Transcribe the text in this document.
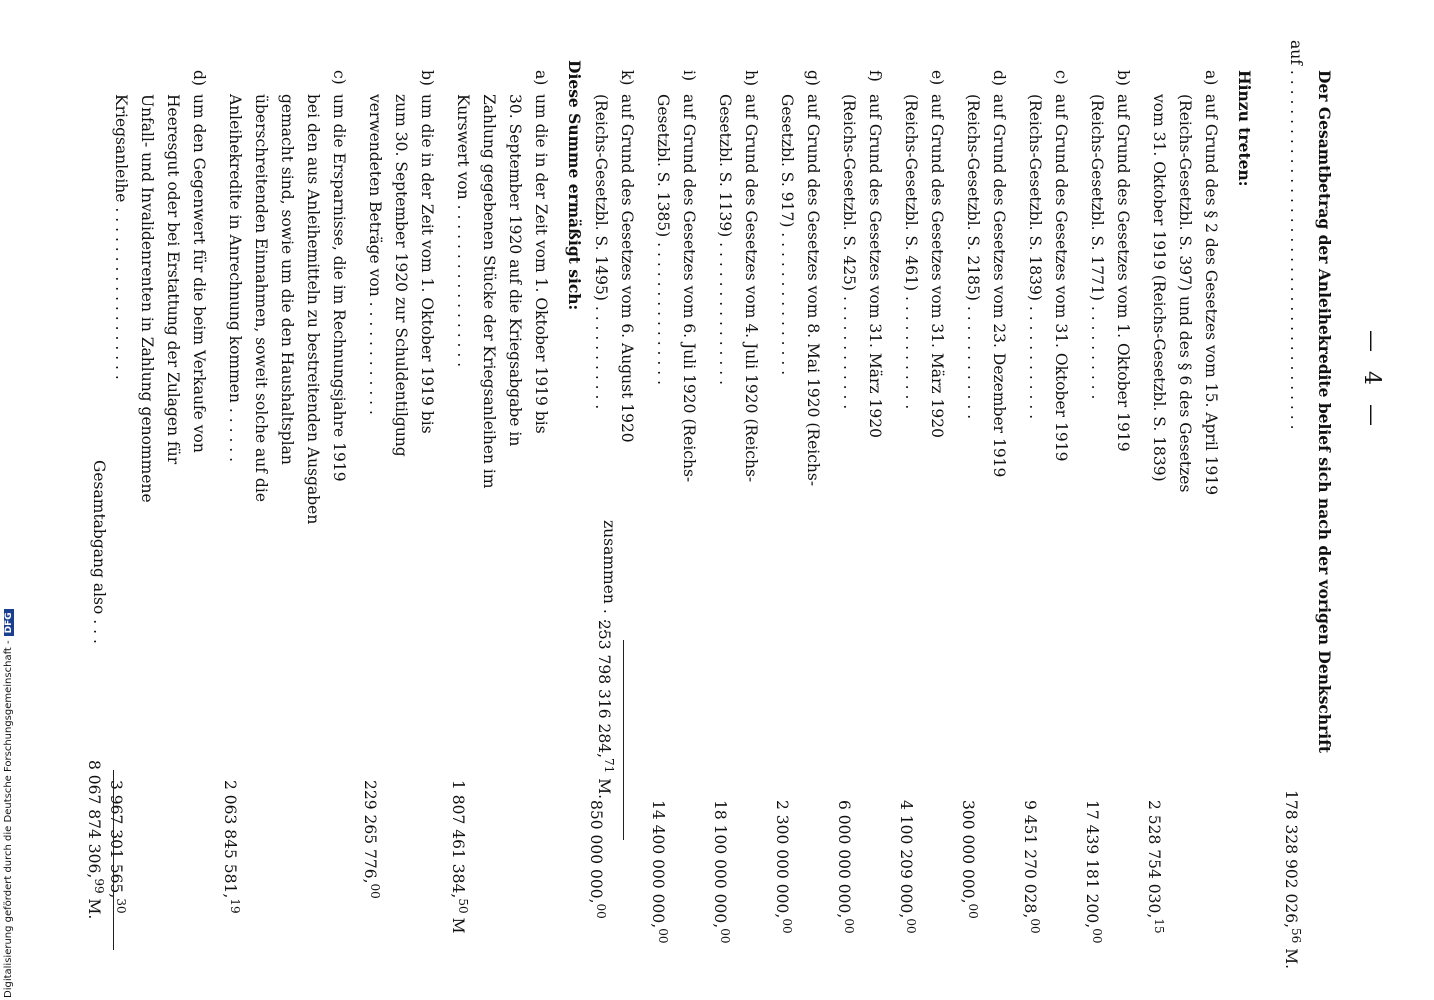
Digitalisierung gefördert durch die Deutsche Forschungsgemeinschaft -DFG
— 4 —
Der Gesamtbetrag der Anleihekredite belief sich nach der vorigen Denkschrift
auf . . . . . . . . . . . . . . . . . . . . . . . . . . . . . . . . . . . . .
178 328 902 026,56 M.
Hinzu treten:
a)
auf Grund des § 2 des Gesetzes vom 15. April 1919
(Reichs-Gesetzbl. S. 397) und des § 6 des Gesetzes
vom 31. Oktober 1919 (Reichs-Gesetzbl. S. 1839)
2 528 754 030,15
b)
auf Grund des Gesetzes vom 1. Oktober 1919
(Reichs-Gesetzbl. S. 1771) . . . . . . . . . .
17 439 181 200,00
c)
auf Grund des Gesetzes vom 31. Oktober 1919
(Reichs-Gesetzbl. S. 1839) . . . . . . . . . . . .
9 451 270 028,00
d)
auf Grund des Gesetzes vom 23. Dezember 1919
(Reichs-Gesetzbl. S. 2185) . . . . . . . . . . . .
300 000 000,00
e)
auf Grund des Gesetzes vom 31. März 1920
(Reichs-Gesetzbl. S. 461) . . . . . . . . . . . .
4 100 209 000,00
f)
auf Grund des Gesetzes vom 31. März 1920
(Reichs-Gesetzbl. S. 425) . . . . . . . . . . . .
6 000 000 000,00
g)
auf Grund des Gesetzes vom 8. Mai 1920 (Reichs-
Gesetzbl. S. 917) . . . . . . . . . . . . . . .
2 300 000 000,00
h)
auf Grund des Gesetzes vom 4. Juli 1920 (Reichs-
Gesetzbl. S. 1139) . . . . . . . . . . . . . . .
18 100 000 000,00
i)
auf Grund des Gesetzes vom 6. Juli 1920 (Reichs-
Gesetzbl. S. 1385) . . . . . . . . . . . . . . .
14 400 000 000,00
k)
auf Grund des Gesetzes vom 6. August 1920
(Reichs-Gesetzbl. S. 1495) . . . . . . . . . . .
850 000 000,00
zusammen . . .
253 798 316 284,71 M.
Diese Summe ermäßigt sich:
a)
um die in der Zeit vom 1. Oktober 1919 bis
30. September 1920 auf die Kriegsabgabe in
Zahlung gegebenen Stücke der Kriegsanleihen im
Kurswert von . . . . . . . . . . . . . . . . .
1 807 461 384,50M
b)
um die in der Zeit vom 1. Oktober 1919 bis
zum 30. September 1920 zur Schuldentilgung
verwendeten Beträge von . . . . . . . . . . . .
229 265 776,00
c)
um die Ersparnisse, die im Rechnungsjahre 1919
bei den aus Anleihemitteln zu bestreitenden Ausgaben
gemacht sind, sowie um die den Haushaltsplan
überschreitenden Einnahmen, soweit solche auf die
Anleihekredite in Anrechnung kommen . . . . . .
2 063 845 581,19
d)
um den Gegenwert für die beim Verkaufe von
Heeresgut oder bei Erstattung der Zulagen für
Unfall- und Invalidenrenten in Zahlung genommene
Kriegsanleihe . . . . . . . . . . . . . . . . . .
3 967 301 565,30
Gesamtabgang also . . .
8 067 874 306,99 M.
